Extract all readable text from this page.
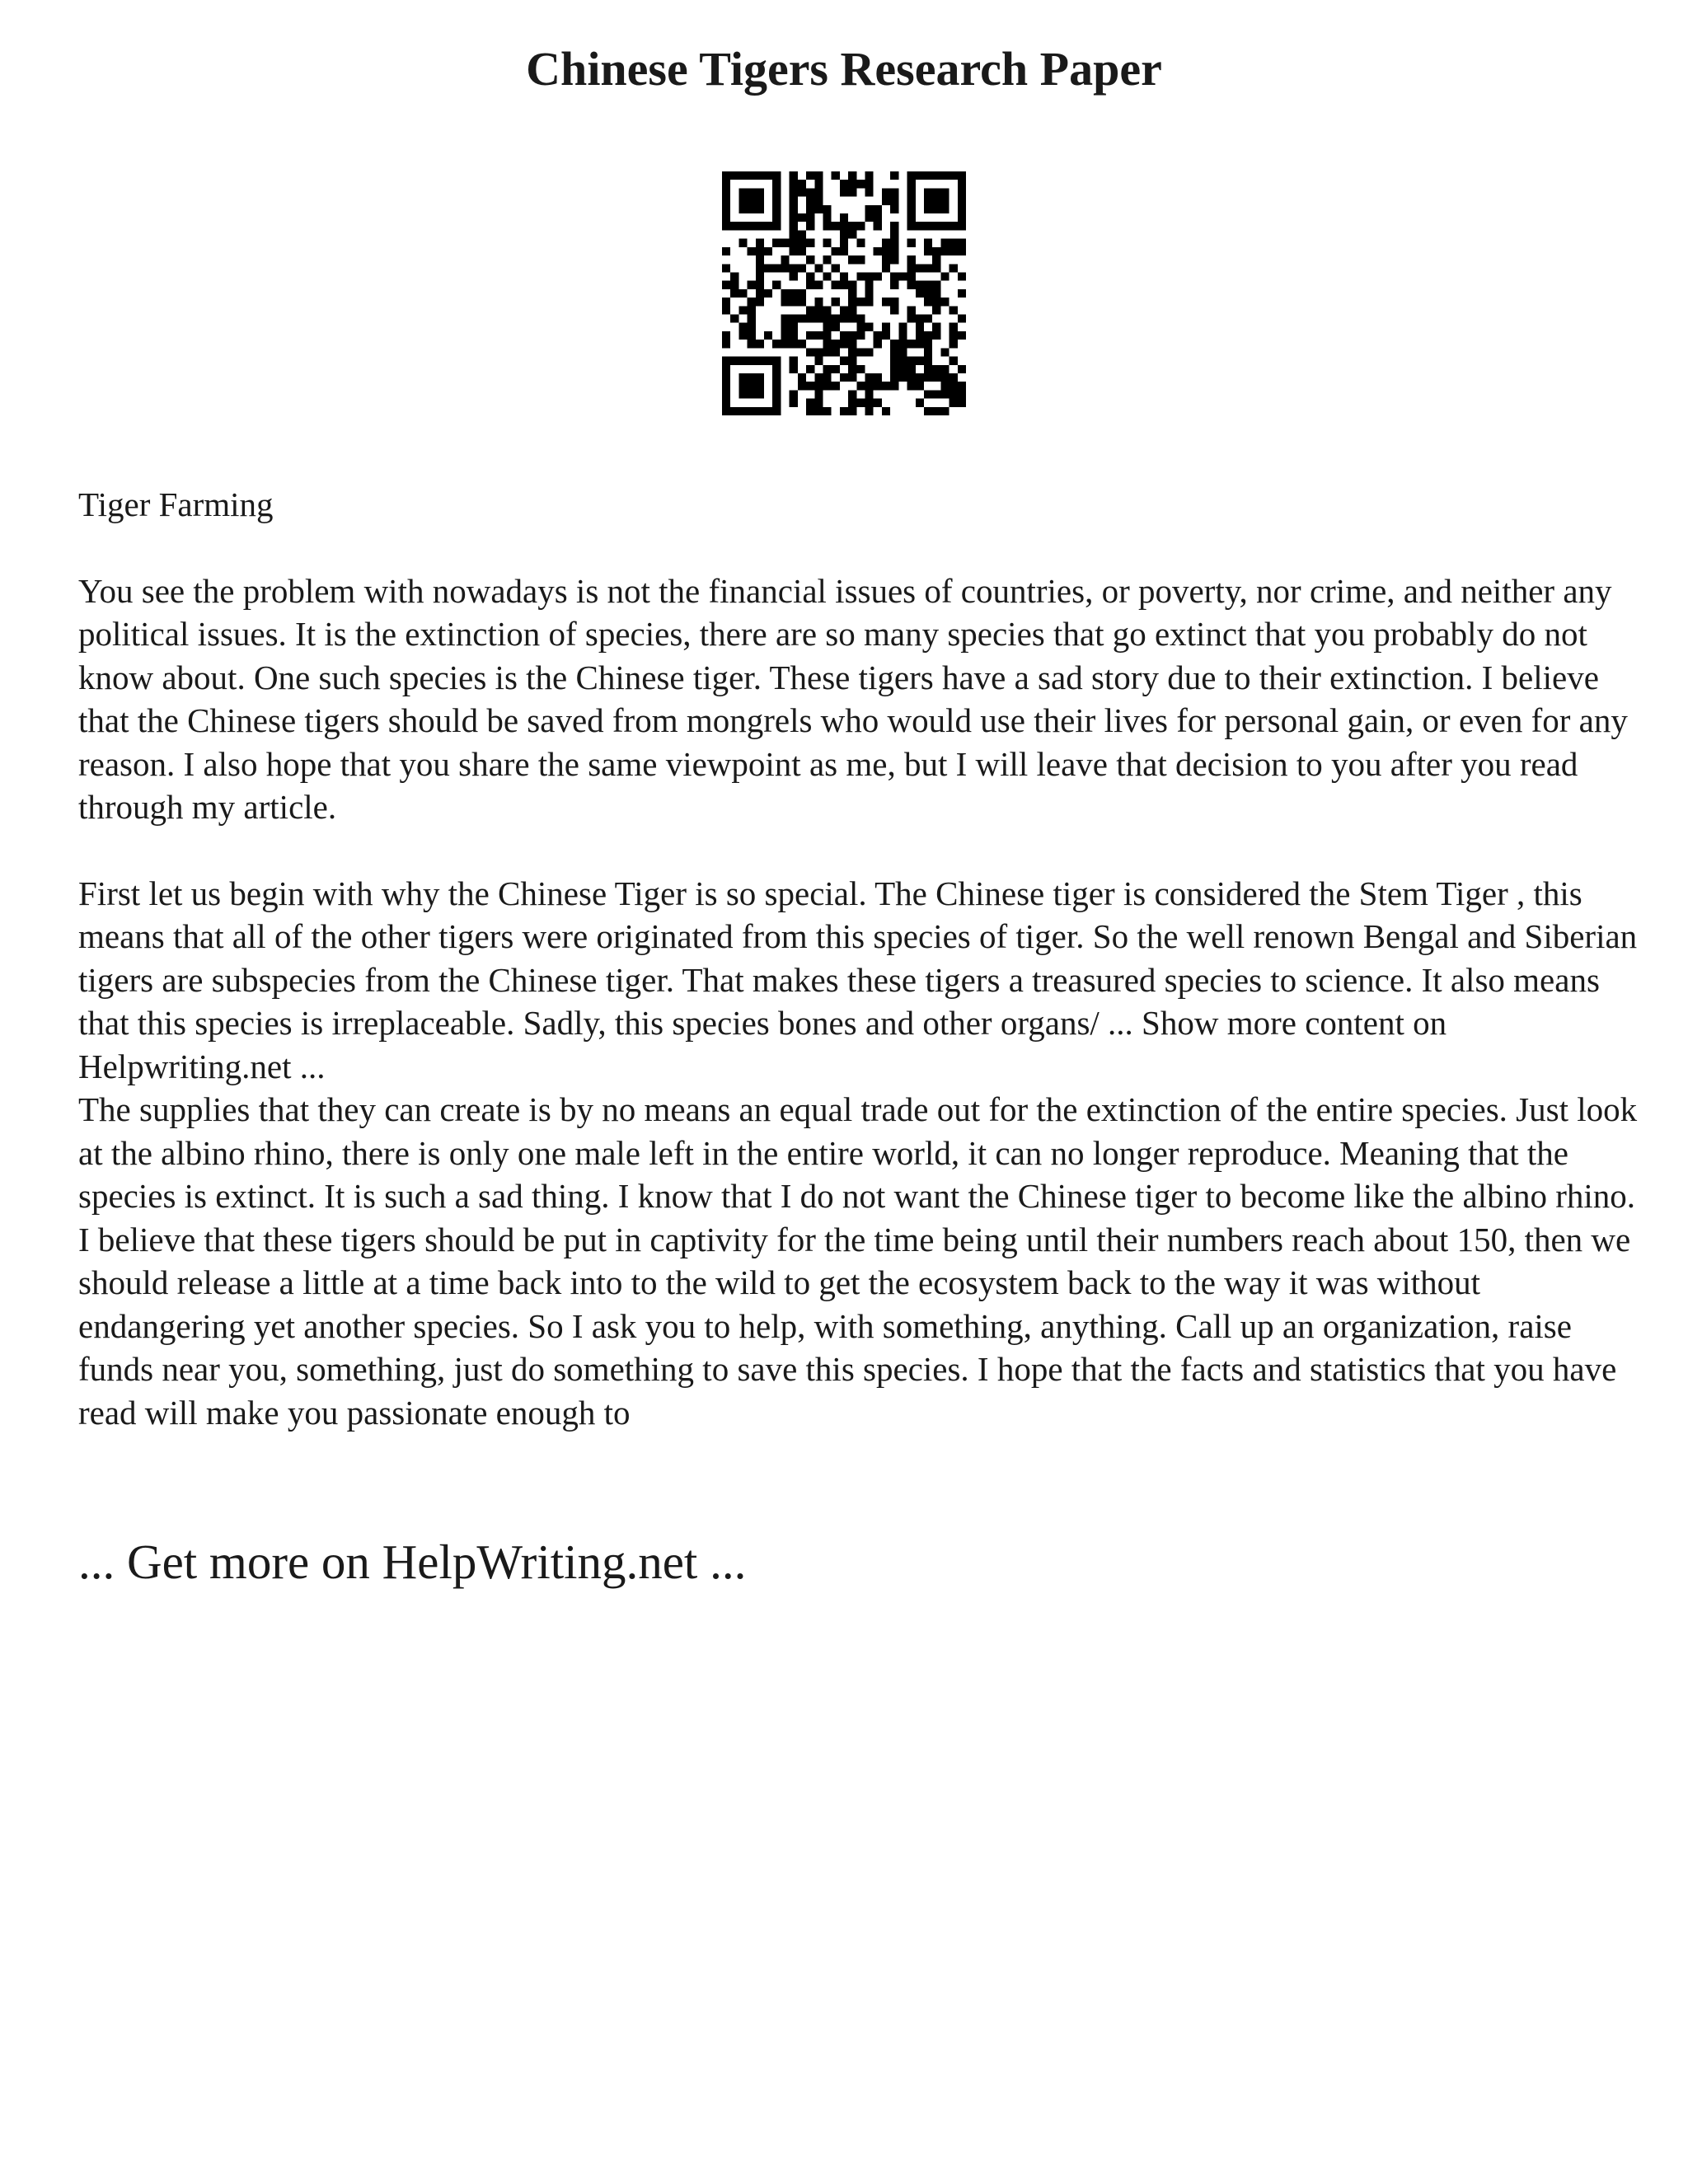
Chinese Tigers Research Paper

Tiger Farming

You see the problem with nowadays is not the financial issues of countries, or poverty, nor crime, and neither any political issues. It is the extinction of species, there are so many species that go extinct that you probably do not know about. One such species is the Chinese tiger. These tigers have a sad story due to their extinction. I believe that the Chinese tigers should be saved from mongrels who would use their lives for personal gain, or even for any reason. I also hope that you share the same viewpoint as me, but I will leave that decision to you after you read through my article.

First let us begin with why the Chinese Tiger is so special. The Chinese tiger is considered the Stem Tiger , this means that all of the other tigers were originated from this species of tiger. So the well renown Bengal and Siberian tigers are subspecies from the Chinese tiger. That makes these tigers a treasured species to science. It also means that this species is irreplaceable. Sadly, this species bones and other organs/ ... Show more content on Helpwriting.net ...

The supplies that they can create is by no means an equal trade out for the extinction of the entire species. Just look at the albino rhino, there is only one male left in the entire world, it can no longer reproduce. Meaning that the species is extinct. It is such a sad thing. I know that I do not want the Chinese tiger to become like the albino rhino. I believe that these tigers should be put in captivity for the time being until their numbers reach about 150, then we should release a little at a time back into to the wild to get the ecosystem back to the way it was without endangering yet another species. So I ask you to help, with something, anything. Call up an organization, raise funds near you, something, just do something to save this species. I hope that the facts and statistics that you have read will make you passionate enough to

... Get more on HelpWriting.net ...
